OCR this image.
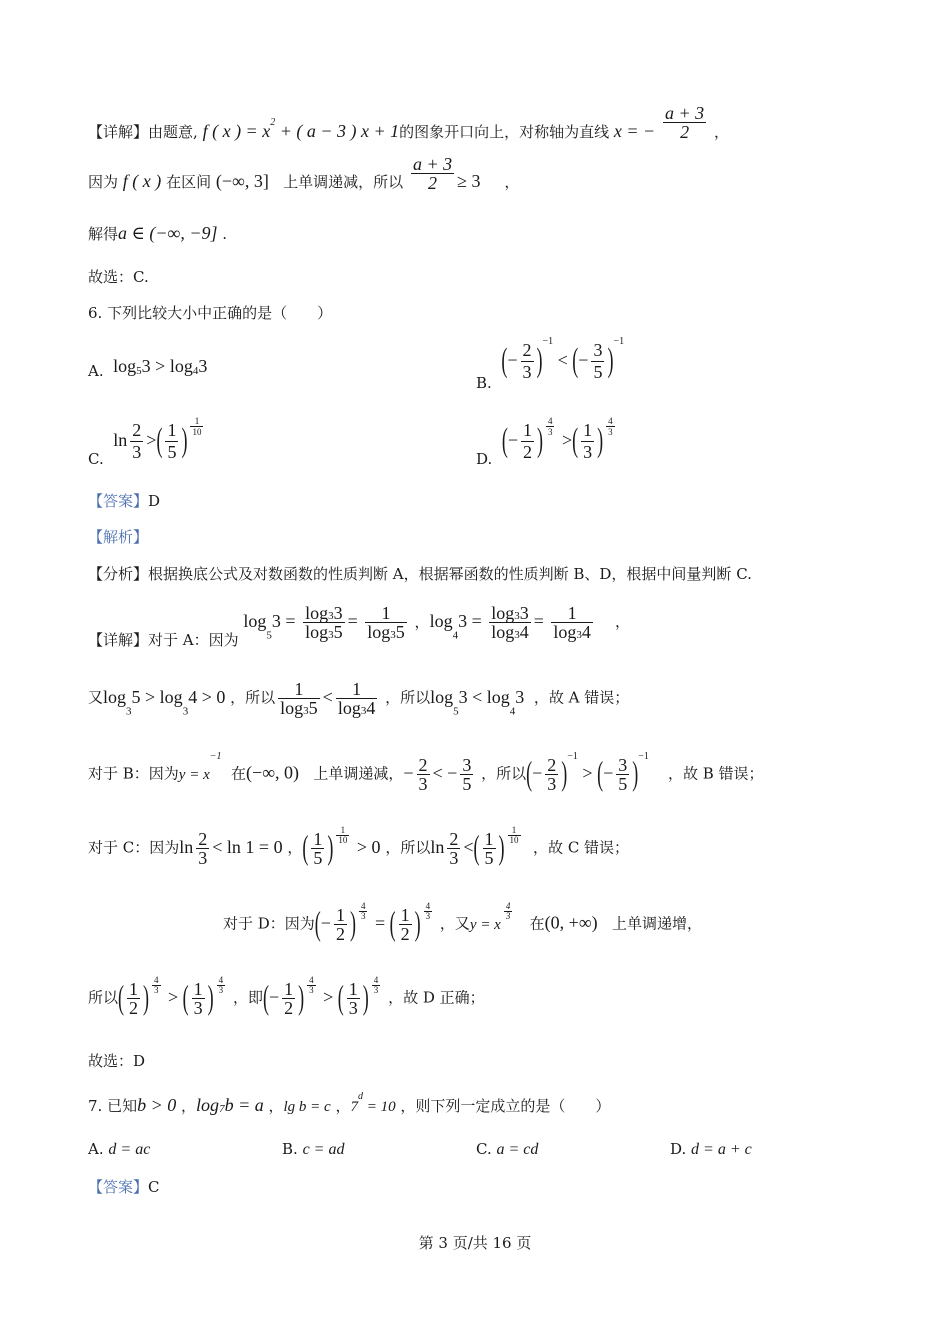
【详解】由题意, f ( x ) = $x^2$ + ( a − 3 ) x + 1的图象开口向上，对称轴为直线 x = − $\frac{a + 3}{2}$ ，
因为 f ( x ) 在区间 (−∞, 3] 上单调递减，所以 $\frac{a + 3}{2} \ge 3$ ，
解得a ∈ (−∞, −9] .
故选：C.
6. 下列比较大小中正确的是（　　）
A. log53 > log43
B.  (− $\frac{2}{3} )^{-1}$ < (− $\frac{3}{5} )^{-1}$
C.  $\ln \frac{2}{3}$ >( $\frac{1}{5}$ ) $^{\frac{1}{10}}$
D.  (− $\frac{1}{2}$ ) $^{\frac{4}{3}}$
>( $\frac{1}{3}$ ) $^{\frac{4}{3}}$
【答案】D
【解析】
【分析】根据换底公式及对数函数的性质判断 A，根据幂函数的性质判断 B、D，根据中间量判断 C.
【详解】对于 A：因为 $\log 53 = \frac{\log 33}{\log 35} = \frac{1}{\log 35}$ ，$\log 43 = \frac{\log 33}{\log 34} = \frac{1}{\log 34}$ ，
又log35 > log34 > 0 ，所以 $\frac{1}{\log 35} < \frac{1}{\log 34}$ ，所以log53 < log43 ，故 A 错误；
对于 B：因为$y = x^{-1}$  在(−∞, 0) 上单调递减，− $\frac{2}{3}$ < − $\frac{3}{5}$ ，所以(− $\frac{2}{3} )^{-1}$ > (− $\frac{3}{5} )^{-1}$    ，故 B 错误；
对于 C：因为$\ln \frac{2}{3} < \ln 1 = 0$ ，( $\frac{1}{5}$ ) $^{\frac{1}{10}}$
> 0 ，所以$\ln \frac{2}{3}$ <( $\frac{1}{5}$ ) $^{\frac{1}{10}}$
，故 C 错误；
对于 D：因为(− $\frac{1}{2}$ ) $^{\frac{4}{3}}$
= ( $\frac{1}{2}$ ) $^{\frac{4}{3}}$
，又y = x
$^{\frac{4}{3}}$
在(0, +∞) 上单调递增，
所以( $\frac{1}{2}$ ) $^{\frac{4}{3}}$
> ( $\frac{1}{3}$ ) $^{\frac{4}{3}}$
，即(− $\frac{1}{2}$ ) $^{\frac{4}{3}}$
> ( $\frac{1}{3}$ ) $^{\frac{4}{3}}$
，故 D 正确；
故选：D
7. 已知b > 0 ，log7b = a ，lg b = c ，$7^d = 10$ ，则下列一定成立的是（　　）
A. d = ac	B. c = ad	C. a = cd	D. d = a + c
【答案】C
第 3 页/共 16 页
